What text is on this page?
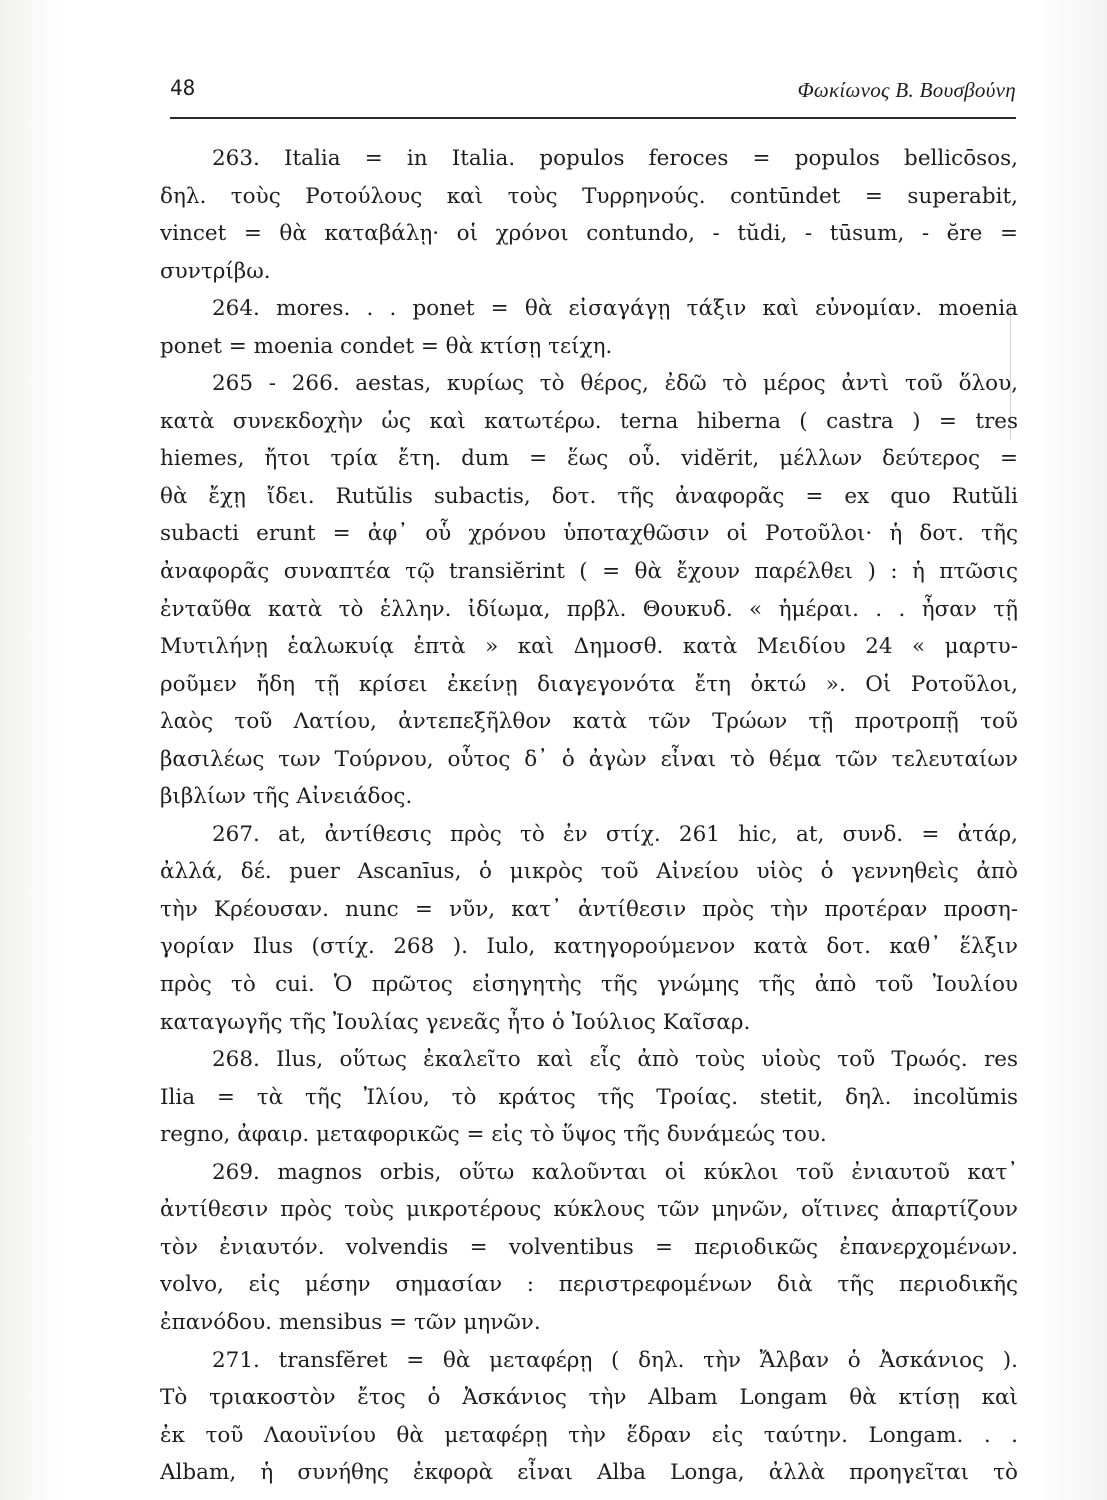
48	Φωκίωνος Β. Βουσβούνη
263. Italia = in Italia. populos feroces = populos bellicōsos,
δηλ. τοὺς Ροτούλους καὶ τοὺς Τυρρηνούς. contūndet = superabit,
vincet = θὰ καταβάλῃ· οἱ χρόνοι contundo, - tŭdi, - tūsum, - ĕre =
συντρίβω.
264. mores. . . ponet = θὰ εἰσαγάγῃ τάξιν καὶ εὐνομίαν. moenia
ponet = moenia condet = θὰ κτίσῃ τείχη.
265 - 266. aestas, κυρίως τὸ θέρος, ἐδῶ τὸ μέρος ἀντὶ τοῦ ὅλου,
κατὰ συνεκδοχὴν ὡς καὶ κατωτέρω. terna hiberna ( castra ) = tres
hiemes, ἤτοι τρία ἔτη. dum = ἕως οὗ. vidĕrit, μέλλων δεύτερος =
θὰ ἔχῃ ἴδει. Rutŭlis subactis, δοτ. τῆς ἀναφορᾶς = ex quo Rutŭli
subacti erunt = ἀφ᾽ οὗ χρόνου ὑποταχθῶσιν οἱ Ροτοῦλοι· ἡ δοτ. τῆς
ἀναφορᾶς συναπτέα τῷ transiĕrint ( = θὰ ἔχουν παρέλθει ) : ἡ πτῶσις
ἐνταῦθα κατὰ τὸ ἑλλην. ἰδίωμα, πρβλ. Θουκυδ. « ἡμέραι. . . ἦσαν τῇ
Μυτιλήνῃ ἑαλωκυίᾳ ἑπτὰ » καὶ Δημοσθ. κατὰ Μειδίου 24 « μαρτυ-
ροῦμεν ἤδη τῇ κρίσει ἐκείνῃ διαγεγονότα ἔτη ὀκτώ ». Οἱ Ροτοῦλοι,
λαὸς τοῦ Λατίου, ἀντεπεξῆλθον κατὰ τῶν Τρώων τῇ προτροπῇ τοῦ
βασιλέως των Τούρνου, οὗτος δ᾽ ὁ ἀγὼν εἶναι τὸ θέμα τῶν τελευταίων
βιβλίων τῆς Αἰνειάδος.
267. at, ἀντίθεσις πρὸς τὸ ἐν στίχ. 261 hic, at, συνδ. = ἀτάρ,
ἀλλά, δέ. puer Ascanīus, ὁ μικρὸς τοῦ Αἰνείου υἱὸς ὁ γεννηθεὶς ἀπὸ
τὴν Κρέουσαν. nunc = νῦν, κατ᾽ ἀντίθεσιν πρὸς τὴν προτέραν προση-
γορίαν Ilus (στίχ. 268 ). Iulo, κατηγορούμενον κατὰ δοτ. καθ᾽ ἕλξιν
πρὸς τὸ cui. Ὁ πρῶτος εἰσηγητὴς τῆς γνώμης τῆς ἀπὸ τοῦ Ἰουλίου
καταγωγῆς τῆς Ἰουλίας γενεᾶς ἦτο ὁ Ἰούλιος Καῖσαρ.
268. Ilus, οὕτως ἐκαλεῖτο καὶ εἷς ἀπὸ τοὺς υἱοὺς τοῦ Τρωός. res
Ilia = τὰ τῆς Ἰλίου, τὸ κράτος τῆς Τροίας. stetit, δηλ. incolŭmis
regno, ἀφαιρ. μεταφορικῶς = εἰς τὸ ὕψος τῆς δυνάμεώς του.
269. magnos orbis, οὕτω καλοῦνται οἱ κύκλοι τοῦ ἐνιαυτοῦ κατ᾽
ἀντίθεσιν πρὸς τοὺς μικροτέρους κύκλους τῶν μηνῶν, οἵτινες ἀπαρτίζουν
τὸν ἐνιαυτόν. volvendis = volventibus = περιοδικῶς ἐπανερχομένων.
volvo, εἰς μέσην σημασίαν : περιστρεφομένων διὰ τῆς περιοδικῆς
ἐπανόδου. mensibus = τῶν μηνῶν.
271. transfĕret = θὰ μεταφέρῃ ( δηλ. τὴν Ἄλβαν ὁ Ἀσκάνιος ).
Τὸ τριακοστὸν ἔτος ὁ Ἀσκάνιος τὴν Albam Longam θὰ κτίσῃ καὶ
ἐκ τοῦ Λαουϊνίου θὰ μεταφέρῃ τὴν ἕδραν εἰς ταύτην. Longam. . .
Albam, ἡ συνήθης ἐκφορὰ εἶναι Alba Longa, ἀλλὰ προηγεῖται τὸ
